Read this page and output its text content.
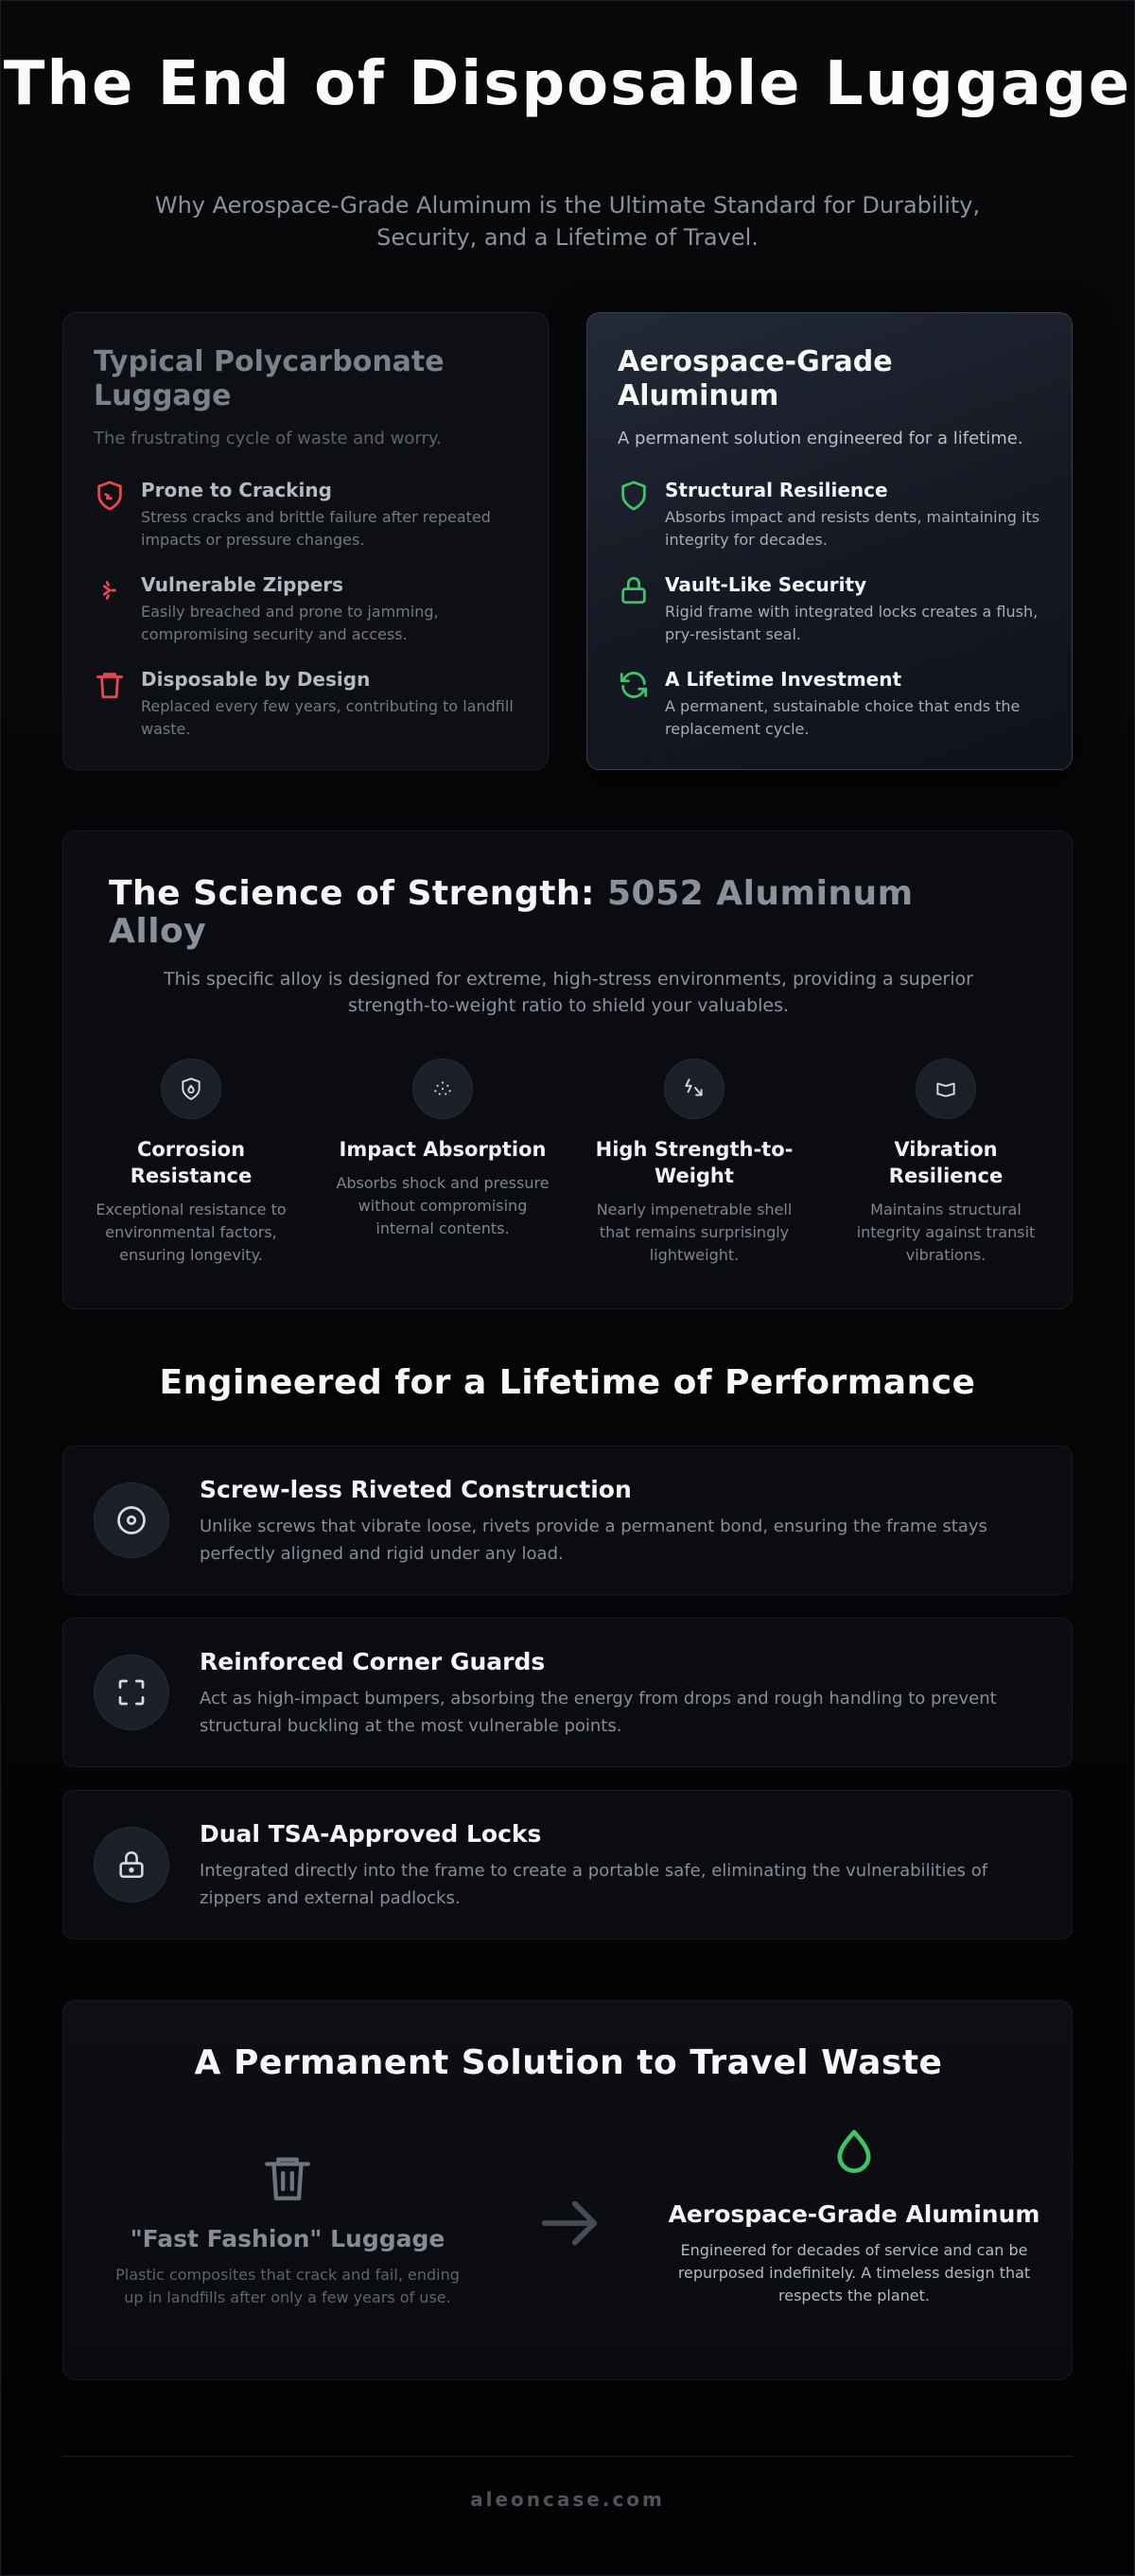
The End of Disposable Luggage

Why Aerospace-Grade Aluminum is the Ultimate Standard for Durability, Security, and a Lifetime of Travel.

Typical Polycarbonate Luggage

The frustrating cycle of waste and worry.

Prone to Cracking

Stress cracks and brittle failure after repeated impacts or pressure changes.

Vulnerable Zippers

Easily breached and prone to jamming, compromising security and access.

Disposable by Design

Replaced every few years, contributing to landfill waste.

Aerospace-Grade Aluminum

A permanent solution engineered for a lifetime.

Structural Resilience

Absorbs impact and resists dents, maintaining its integrity for decades.

Vault-Like Security

Rigid frame with integrated locks creates a flush, pry-resistant seal.

A Lifetime Investment

A permanent, sustainable choice that ends the replacement cycle.

The Science of Strength: 5052 Aluminum Alloy

This specific alloy is designed for extreme, high-stress environments, providing a superior strength-to-weight ratio to shield your valuables.

Corrosion Resistance

Exceptional resistance to environmental factors, ensuring longevity.

Impact Absorption

Absorbs shock and pressure without compromising internal contents.

High Strength-to-Weight

Nearly impenetrable shell that remains surprisingly lightweight.

Vibration Resilience

Maintains structural integrity against transit vibrations.

Engineered for a Lifetime of Performance
Screw-less Riveted Construction

Unlike screws that vibrate loose, rivets provide a permanent bond, ensuring the frame stays perfectly aligned and rigid under any load.

Reinforced Corner Guards

Act as high-impact bumpers, absorbing the energy from drops and rough handling to prevent structural buckling at the most vulnerable points.

Dual TSA-Approved Locks

Integrated directly into the frame to create a portable safe, eliminating the vulnerabilities of zippers and external padlocks.

A Permanent Solution to Travel Waste
"Fast Fashion" Luggage

Plastic composites that crack and fail, ending up in landfills after only a few years of use.

Aerospace-Grade Aluminum

Engineered for decades of service and can be repurposed indefinitely. A timeless design that respects the planet.

aleoncase.com
